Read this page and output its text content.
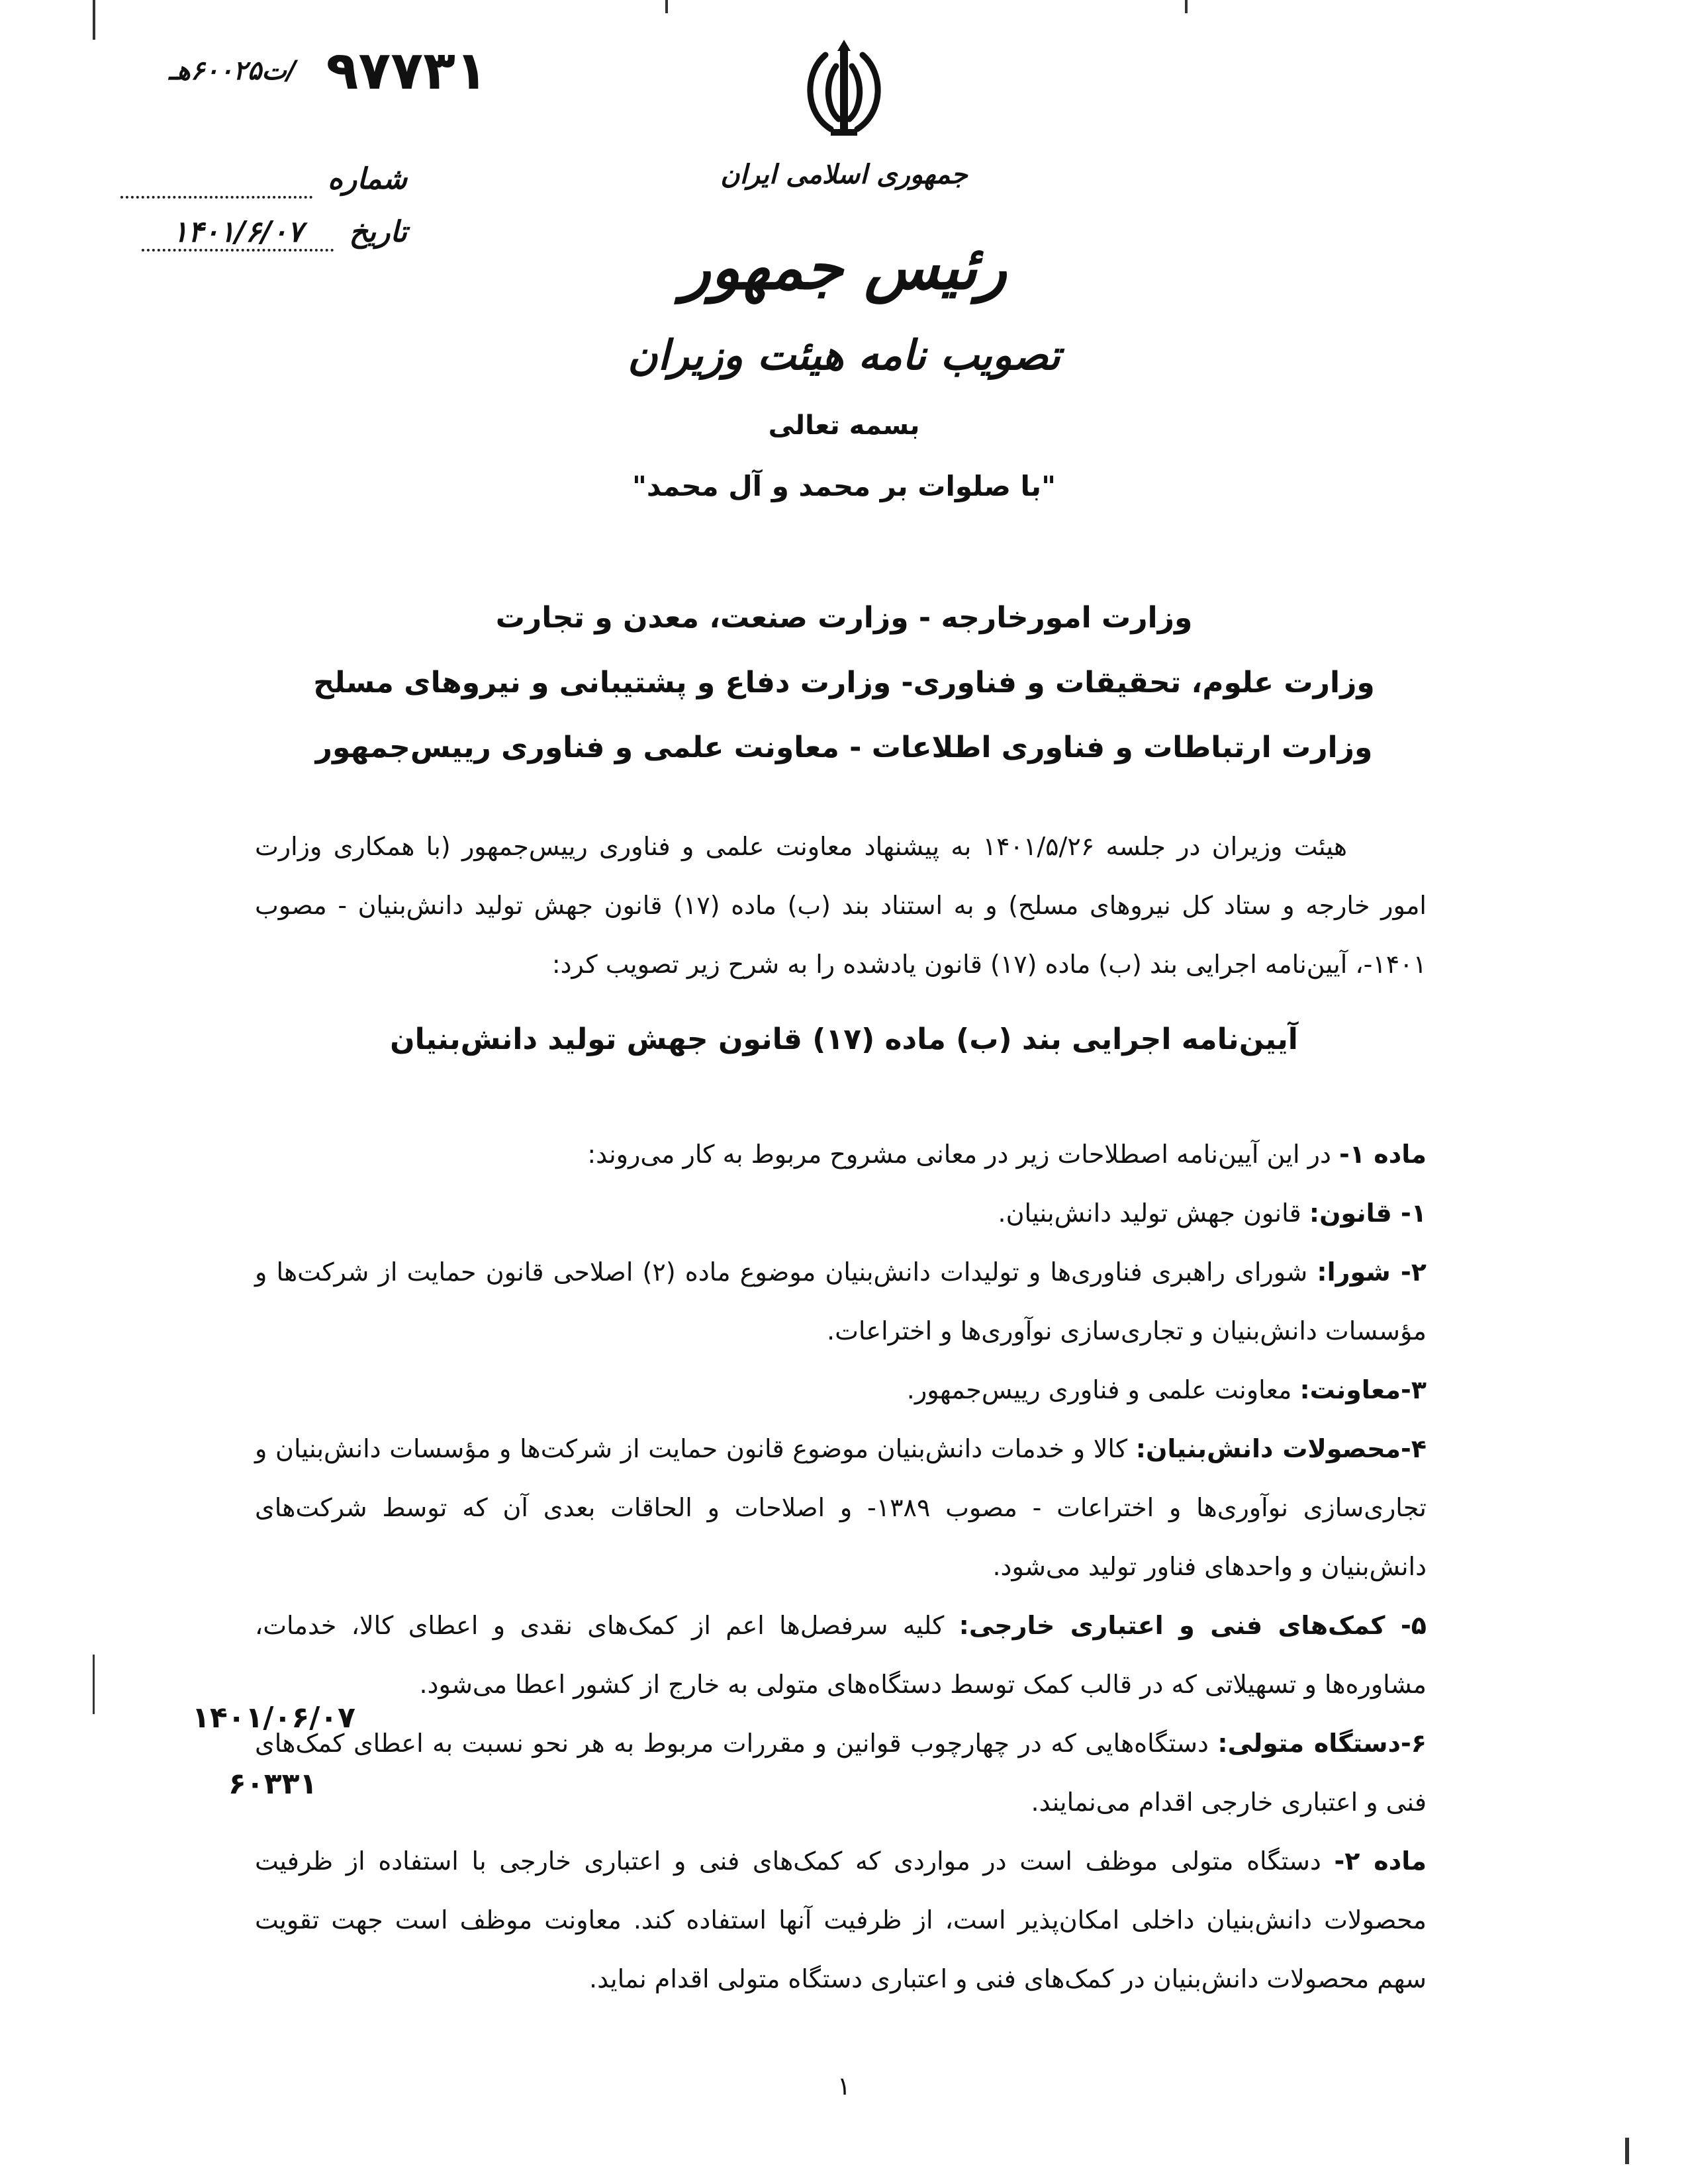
ت۶۰۰۲۵هـ/ ۹۷۷۳۱
شماره
تاریخ ۱۴۰۱/۶/۰۷
جمهوری اسلامی ایران
رئیس جمهور
تصویب نامه هیئت وزیران
بسمه تعالی
"با صلوات بر محمد و آل محمد"
وزارت امورخارجه - وزارت صنعت، معدن و تجارت
وزارت علوم، تحقیقات و فناوری- وزارت دفاع و پشتیبانی و نیروهای مسلح
وزارت ارتباطات و فناوری اطلاعات - معاونت علمی و فناوری رییس‌جمهور

هیئت وزیران در جلسه ۱۴۰۱/۵/۲۶ به پیشنهاد معاونت علمی و فناوری رییس‌جمهور (با همکاری وزارت امور خارجه و ستاد کل نیروهای مسلح) و به استناد بند (ب) ماده (۱۷) قانون جهش تولید دانش‌بنیان - مصوب ۱۴۰۱-، آیین‌نامه اجرایی بند (ب) ماده (۱۷) قانون یادشده را به شرح زیر تصویب کرد:

آیین‌نامه اجرایی بند (ب) ماده (۱۷) قانون جهش تولید دانش‌بنیان

ماده ۱- در این آیین‌نامه اصطلاحات زیر در معانی مشروح مربوط به کار می‌روند:

۱- قانون: قانون جهش تولید دانش‌بنیان.

۲- شورا: شورای راهبری فناوری‌ها و تولیدات دانش‌بنیان موضوع ماده (۲) اصلاحی قانون حمایت از شرکت‌ها و مؤسسات دانش‌بنیان و تجاری‌سازی نوآوری‌ها و اختراعات.

۳-معاونت: معاونت علمی و فناوری رییس‌جمهور.

۴-محصولات دانش‌بنیان: کالا و خدمات دانش‌بنیان موضوع قانون حمایت از شرکت‌ها و مؤسسات دانش‌بنیان و تجاری‌سازی نوآوری‌ها و اختراعات - مصوب ۱۳۸۹- و اصلاحات و الحاقات بعدی آن که توسط شرکت‌های دانش‌بنیان و واحدهای فناور تولید می‌شود.

۵- کمک‌های فنی و اعتباری خارجی: کلیه سرفصل‌ها اعم از کمک‌های نقدی و اعطای کالا، خدمات، مشاوره‌ها و تسهیلاتی که در قالب کمک توسط دستگاه‌های متولی به خارج از کشور اعطا می‌شود.

۶-دستگاه متولی: دستگاه‌هایی که در چهارچوب قوانین و مقررات مربوط به هر نحو نسبت به اعطای کمک‌های فنی و اعتباری خارجی اقدام می‌نمایند.

ماده ۲- دستگاه متولی موظف است در مواردی که کمک‌های فنی و اعتباری خارجی با استفاده از ظرفیت محصولات دانش‌بنیان داخلی امکان‌پذیر است، از ظرفیت آنها استفاده کند. معاونت موظف است جهت تقویت سهم محصولات دانش‌بنیان در کمک‌های فنی و اعتباری دستگاه متولی اقدام نماید.

۱۴۰۱/۰۶/۰۷
۶۰۳۳۱
۱
